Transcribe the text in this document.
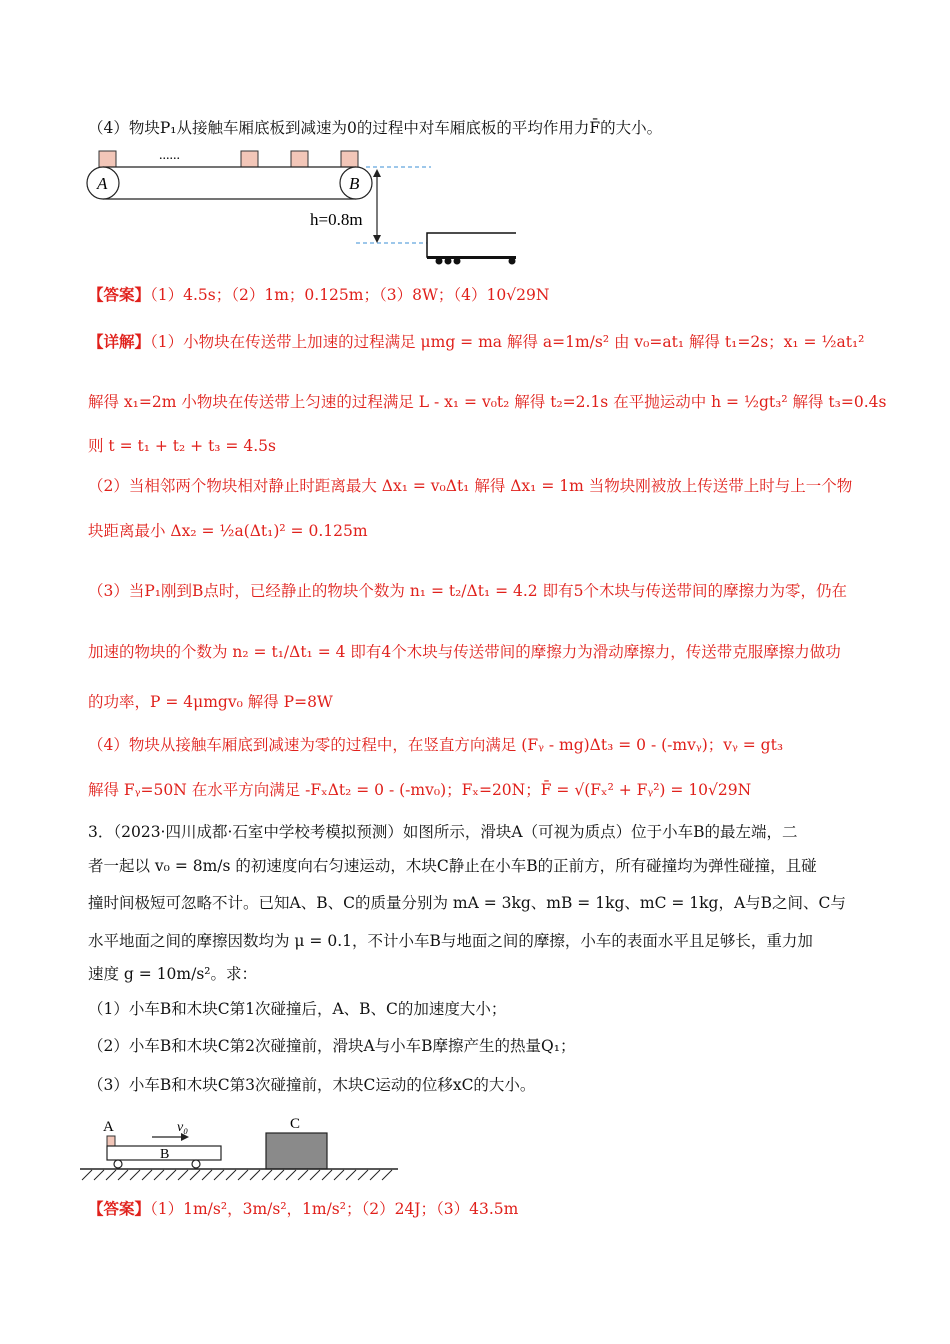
（4）物块P₁从接触车厢底板到减速为0的过程中对车厢底板的平均作用力F̄的大小。
......
A	B
h=0.8m
【答案】（1）4.5s；（2）1m；0.125m；（3）8W；（4）10√29N
【详解】（1）小物块在传送带上加速的过程满足 μmg = ma 解得 a=1m/s² 由 v₀=at₁ 解得 t₁=2s；x₁ = ½at₁²
解得 x₁=2m 小物块在传送带上匀速的过程满足 L - x₁ = v₀t₂ 解得 t₂=2.1s 在平抛运动中 h = ½gt₃² 解得 t₃=0.4s
则 t = t₁ + t₂ + t₃ = 4.5s
（2）当相邻两个物块相对静止时距离最大 Δx₁ = v₀Δt₁ 解得 Δx₁ = 1m 当物块刚被放上传送带上时与上一个物
块距离最小 Δx₂ = ½a(Δt₁)² = 0.125m
（3）当P₁刚到B点时，已经静止的物块个数为 n₁ = t₂/Δt₁ = 4.2 即有5个木块与传送带间的摩擦力为零，仍在
加速的物块的个数为 n₂ = t₁/Δt₁ = 4 即有4个木块与传送带间的摩擦力为滑动摩擦力，传送带克服摩擦力做功
的功率，P = 4μmgv₀ 解得 P=8W
（4）物块从接触车厢底到减速为零的过程中，在竖直方向满足 (Fᵧ - mg)Δt₃ = 0 - (-mvᵧ)；vᵧ = gt₃
解得 Fᵧ=50N 在水平方向满足 -FₓΔt₂ = 0 - (-mv₀)；Fₓ=20N；F̄ = √(Fₓ² + Fᵧ²) = 10√29N
3．（2023·四川成都·石室中学校考模拟预测）如图所示，滑块A（可视为质点）位于小车B的最左端，二
者一起以 v₀ = 8m/s 的初速度向右匀速运动，木块C静止在小车B的正前方，所有碰撞均为弹性碰撞，且碰
撞时间极短可忽略不计。已知A、B、C的质量分别为 mA = 3kg、mB = 1kg、mC = 1kg，A与B之间、C与
水平地面之间的摩擦因数均为 μ = 0.1，不计小车B与地面之间的摩擦，小车的表面水平且足够长，重力加
速度 g = 10m/s²。求：
（1）小车B和木块C第1次碰撞后，A、B、C的加速度大小；
（2）小车B和木块C第2次碰撞前，滑块A与小车B摩擦产生的热量Q₁；
（3）小车B和木块C第3次碰撞前，木块C运动的位移xC的大小。
A	v₀
B
C
【答案】（1）1m/s²，3m/s²，1m/s²；（2）24J；（3）43.5m
